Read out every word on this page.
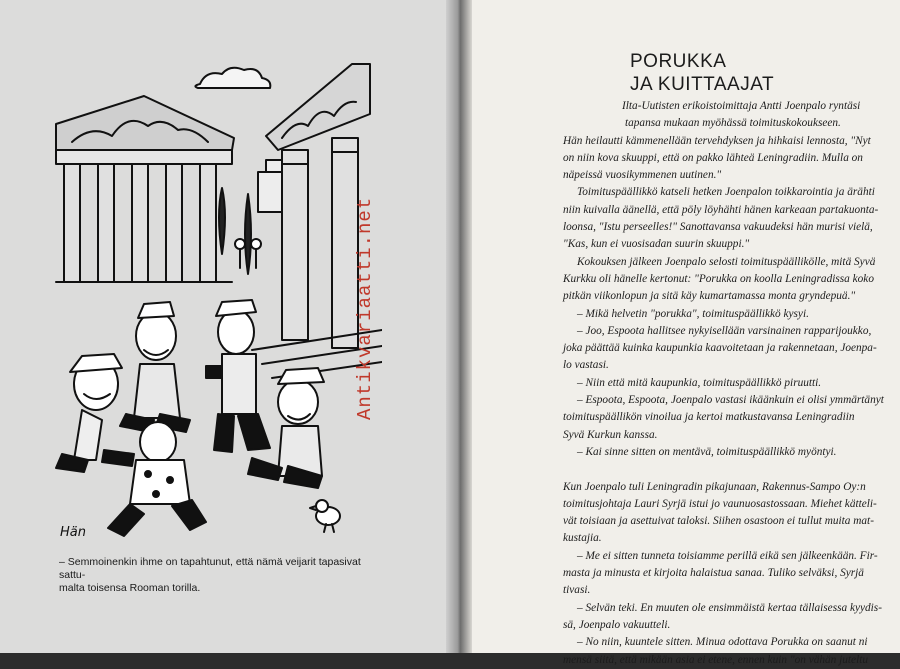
Hän
Antikvariaatti.net
– Semmoinenkin ihme on tapahtunut, että nämä veijarit tapasivat sattu-
malta toisensa Rooman torilla.
PORUKKA
JA KUITTAAJAT
Ilta-Uutisten erikoistoimittaja Antti Joenpalo ryntäsi
tapansa mukaan myöhässä toimituskokoukseen.
Hän heilautti kämmenellään tervehdyksen ja hihkaisi lennosta, "Nyt
on niin kova skuuppi, että on pakko lähteä Leningradiin. Mulla on
näpeissä vuosikymmenen uutinen."
Toimituspäällikkö katseli hetken Joenpalon toikkarointia ja ärähti
niin kuivalla äänellä, että pöly löyhähti hänen karkeaan partakuonta-
loonsa, "Istu perseelles!" Sanottavansa vakuudeksi hän murisi vielä,
"Kas, kun ei vuosisadan suurin skuuppi."
Kokouksen jälkeen Joenpalo selosti toimituspäällikölle, mitä Syvä
Kurkku oli hänelle kertonut: "Porukka on koolla Leningradissa koko
pitkän viikonlopun ja sitä käy kumartamassa monta gryndериä."
– Mikä helvetin "porukka", toimituspäällikkö kysyi.
– Joo, Espoota hallitsee nykyisellään varsinainen rapparijoukko,
joka päättää kuinka kaupunkia kaavoitetaan ja rakennetaan, Joenpa-
lo vastasi.
– Niin että mitä kaupunkia, toimituspäällikkö piruutti.
– Espoota, Espoota, Joenpalo vastasi ikäänkuin ei olisi ymmärtänyt
toimituspäällikön vinoilua ja kertoi matkustavansa Leningradiin
Syvä Kurkun kanssa.
– Kai sinne sitten on mentävä, toimituspäällikkö myöntyi.
Kun Joenpalo tuli Leningradin pikajunaan, Rakennus-Sampo Oy:n
toimitusjohtaja Lauri Syrjä istui jo vaunuosastossaan. Miehet kätteli-
vät toisiaan ja asettuivat taloksi. Siihen osastoon ei tullut muita mat-
kustajia.
– Me ei sitten tunneta toisiamme perillä eikä sen jälkeenkään. Fir-
masta ja minusta et kirjoita halaistua sanaa. Tuliko selväksi, Syrjä
tivasi.
– Selvän teki. En muuten ole ensimmäistä kertaa tällaisessa kyydis-
sä, Joenpalo vakuutteli.
– No niin, kuuntele sitten. Minua odottava Porukka on saanut ni
mensä siitä, että mikään asia ei etene, ennen kuin "on vähän juteltu
